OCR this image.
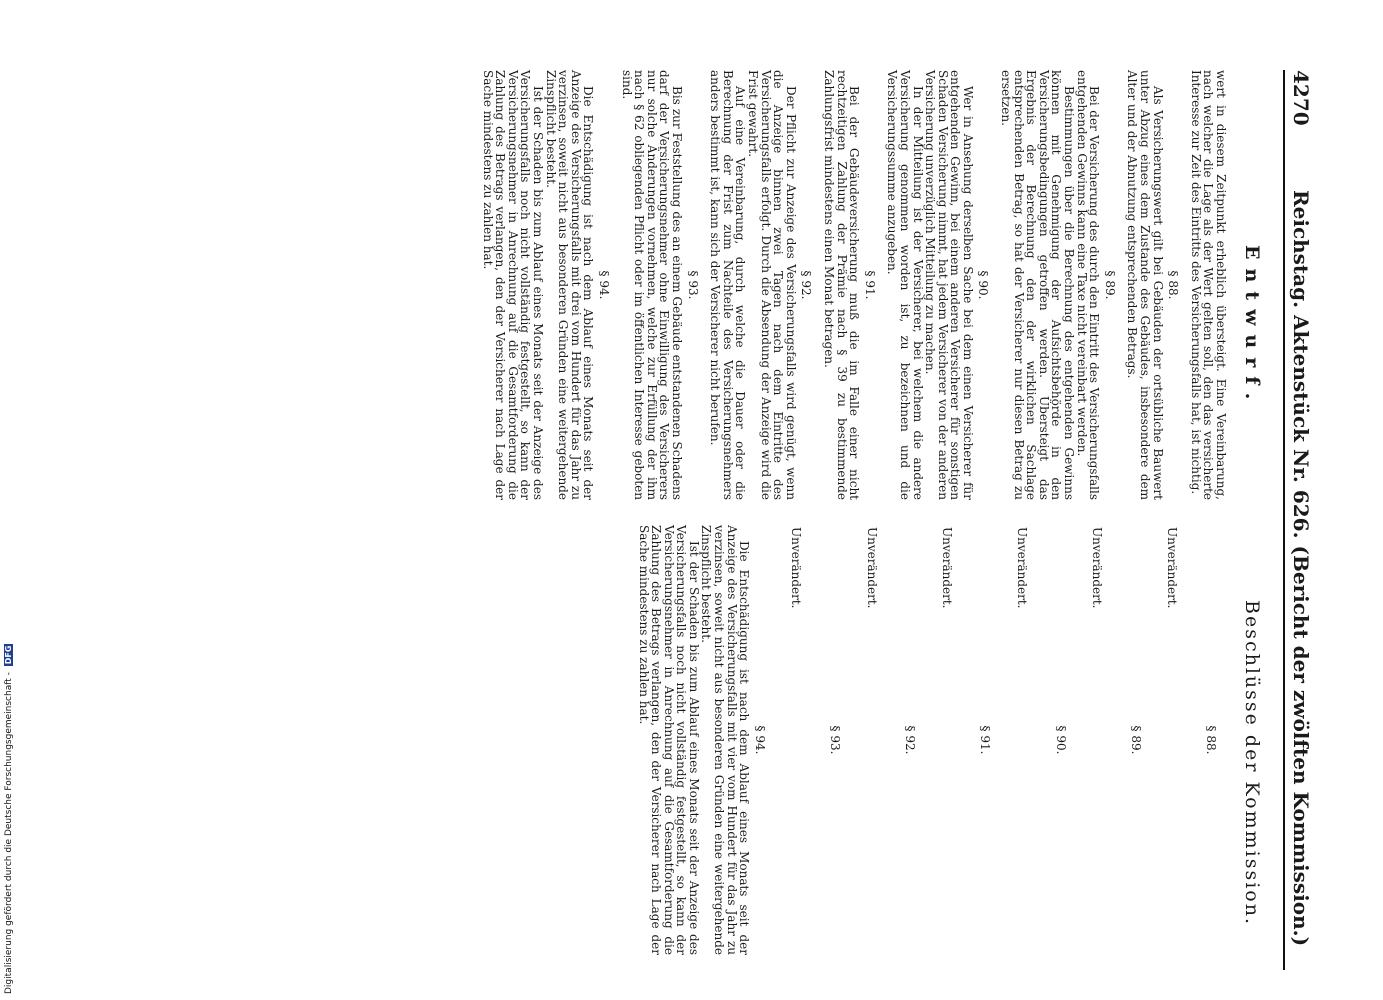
4270
Reichstag. Aktenstück Nr. 626. (Bericht der zwölften Kommission.)
Entwurf.
Beschlüsse der Kommission.

wert in diesem Zeitpunkt erheblich übersteigt. Eine Vereinbarung, nach welcher die Lage als der Wert gelten soll, den das versicherte Interesse zur Zeit des Eintritts des Versicherungsfalls hat, ist nichtig.

§ 88.

Als Versicherungswert gilt bei Gebäuden der ortsübliche Bauwert unter Abzug eines dem Zustande des Gebäudes, insbesondere dem Alter und der Abnutzung entsprechenden Betrags.

§ 89.

Bei der Versicherung des durch den Eintritt des Versicherungsfalls entgehenden Gewinns kann eine Taxe nicht vereinbart werden.

Bestimmungen über die Berechnung des entgehenden Gewinns können mit Genehmigung der Aufsichtsbehörde in den Versicherungsbedingungen getroffen werden. Übersteigt das Ergebnis der Berechnung den der wirklichen Sachlage entsprechenden Betrag, so hat der Versicherer nur diesen Betrag zu ersetzen.

§ 90.

Wer in Ansehung derselben Sache bei dem einen Versicherer für entgehenden Gewinn, bei einem anderen Versicherer für sonstigen Schaden Versicherung nimmt, hat jedem Versicherer von der anderen Versicherung unverzüglich Mitteilung zu machen.

In der Mitteilung ist der Versicherer, bei welchem die andere Versicherung genommen worden ist, zu bezeichnen und die Versicherungssumme anzugeben.

§ 91.

Bei der Gebäudeversicherung muß die im Falle einer nicht rechtzeitigen Zahlung der Prämie nach § 39 zu bestimmende Zahlungsfrist mindestens einen Monat betragen.

§ 92.

Der Pflicht zur Anzeige des Versicherungsfalls wird genügt, wenn die Anzeige binnen zwei Tagen nach dem Eintritte des Versicherungsfalls erfolgt. Durch die Absendung der Anzeige wird die Frist gewahrt.

Auf eine Vereinbarung, durch welche die Dauer oder die Berechnung der Frist zum Nachteile des Versicherungsnehmers anders bestimmt ist, kann sich der Versicherer nicht berufen.

§ 93.

Bis zur Feststellung des an einem Gebäude entstandenen Schadens darf der Versicherungsnehmer ohne Einwilligung des Versicherers nur solche Änderungen vornehmen, welche zur Erfüllung der ihm nach § 62 obliegenden Pflicht oder im öffentlichen Interesse geboten sind.

§ 94.

Die Entschädigung ist nach dem Ablauf eines Monats seit der Anzeige des Versicherungsfalls mit drei vom Hundert für das Jahr zu verzinsen, soweit nicht aus besonderen Gründen eine weitergehende Zinspflicht besteht.

Ist der Schaden bis zum Ablauf eines Monats seit der Anzeige des Versicherungsfalls noch nicht vollständig festgestellt, so kann der Versicherungsnehmer in Anrechnung auf die Gesamtforderung die Zahlung des Betrags verlangen, den der Versicherer nach Lage der Sache mindestens zu zahlen hat.

§ 88.
Unverändert.
§ 89.
Unverändert.
§ 90.
Unverändert.
§ 91.
Unverändert.
§ 92.
Unverändert.
§ 93.
Unverändert.
§ 94.

Die Entschädigung ist nach dem Ablauf eines Monats seit der Anzeige des Versicherungsfalls mit vier vom Hundert für das Jahr zu verzinsen, soweit nicht aus besonderen Gründen eine weitergehende Zinspflicht besteht.

Ist der Schaden bis zum Ablauf eines Monats seit der Anzeige des Versicherungsfalls noch nicht vollständig festgestellt, so kann der Versicherungsnehmer in Anrechnung auf die Gesamtforderung die Zahlung des Betrags verlangen, den der Versicherer nach Lage der Sache mindestens zu zahlen hat.

Digitalisierung gefördert durch die Deutsche Forschungsgemeinschaft - DFG
